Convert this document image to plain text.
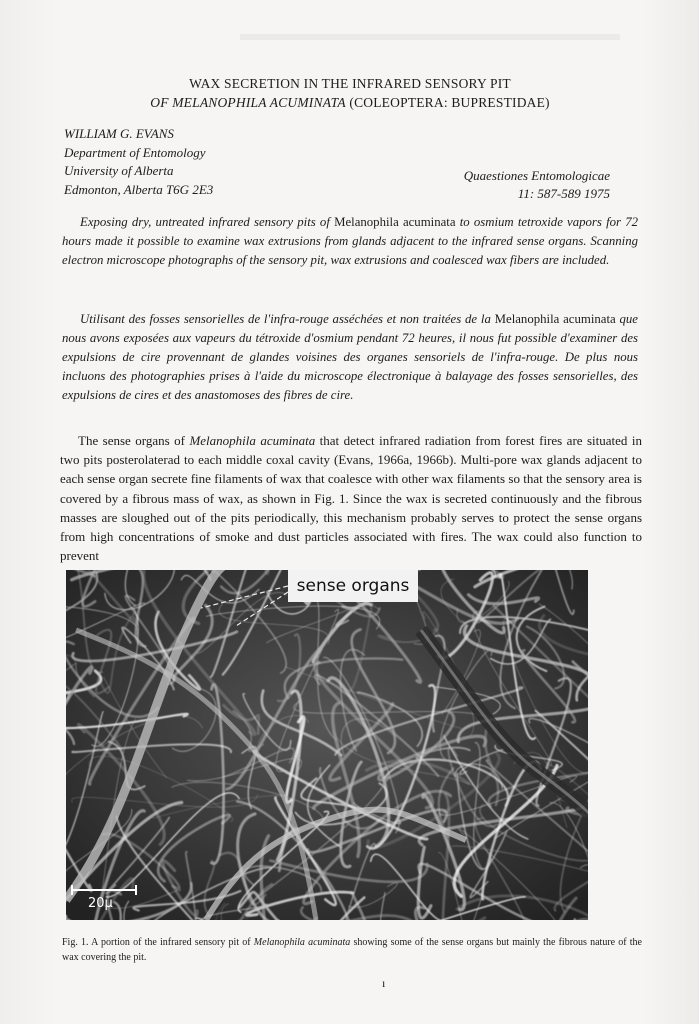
WAX SECRETION IN THE INFRARED SENSORY PIT
OF MELANOPHILA ACUMINATA (COLEOPTERA: BUPRESTIDAE)
WILLIAM G. EVANS
Department of Entomology
University of Alberta
Edmonton, Alberta T6G 2E3
Quaestiones Entomologicae
11: 587-589 1975

Exposing dry, untreated infrared sensory pits of Melanophila acuminata to osmium tetroxide vapors for 72 hours made it possible to examine wax extrusions from glands adjacent to the infrared sense organs. Scanning electron microscope photographs of the sensory pit, wax extrusions and coalesced wax fibers are included.

Utilisant des fosses sensorielles de l'infra-rouge asséchées et non traitées de la Melanophila acuminata que nous avons exposées aux vapeurs du tétroxide d'osmium pendant 72 heures, il nous fut possible d'examiner des expulsions de cire provennant de glandes voisines des organes sensoriels de l'infra-rouge. De plus nous incluons des photographies prises à l'aide du microscope électronique à balayage des fosses sensorielles, des expulsions de cires et des anastomoses des fibres de cire.

The sense organs of Melanophila acuminata that detect infrared radiation from forest fires are situated in two pits posterolaterad to each middle coxal cavity (Evans, 1966a, 1966b). Multi-pore wax glands adjacent to each sense organ secrete fine filaments of wax that coalesce with other wax filaments so that the sensory area is covered by a fibrous mass of wax, as shown in Fig. 1. Since the wax is secreted continuously and the fibrous masses are sloughed out of the pits periodically, this mechanism probably serves to protect the sense organs from high concentrations of smoke and dust particles associated with fires. The wax could also function to prevent

sense organs
20µ

Fig. 1. A portion of the infrared sensory pit of Melanophila acuminata showing some of the sense organs but mainly the fibrous nature of the wax covering the pit.

ı
